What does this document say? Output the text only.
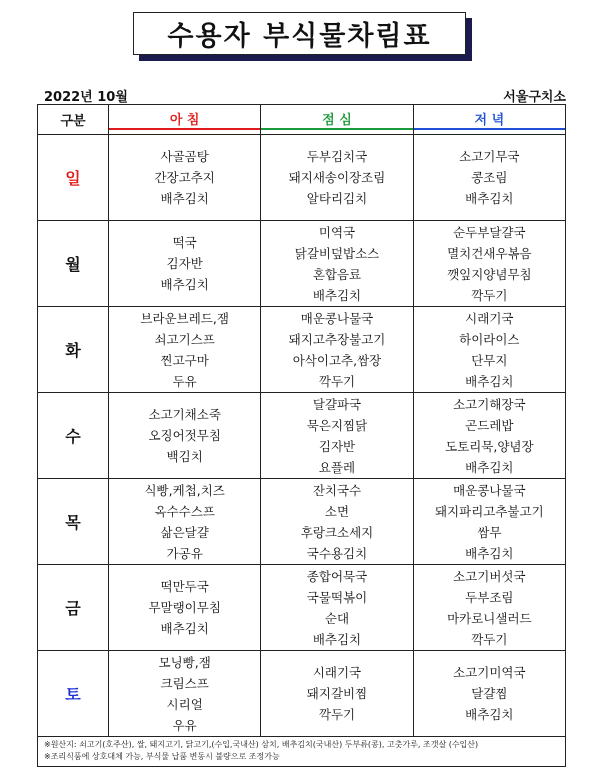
수용자 부식물차림표
2022년 10월	서울구치소
구분	아 침	점 심	저 녁
일	사골곰탕
간장고추지
배추김치	두부김치국
돼지새송이장조림
알타리김치	소고기무국
콩조림
배추김치

월	떡국
김자반
배추김치	미역국
닭갈비덮밥소스
혼합음료
배추김치	순두부달걀국
멸치건새우볶음
깻잎지양념무침
깍두기

화	브라운브레드,잼
쇠고기스프
찐고구마
두유	매운콩나물국
돼지고추장불고기
아삭이고추,쌈장
깍두기	시래기국
하이라이스
단무지
배추김치

수	소고기채소죽
오징어젓무침
백김치	달걀파국
묵은지찜닭
김자반
요플레	소고기해장국
곤드레밥
도토리묵,양념장
배추김치

목	식빵,케첩,치즈
옥수수스프
삶은달걀
가공유	잔치국수
소면
후랑크소세지
국수용김치	매운콩나물국
돼지파리고추불고기
쌈무
배추김치

금	떡만두국
무말랭이무침
배추김치	종합어묵국
국물떡볶이
순대
배추김치	소고기버섯국
두부조림
마카로니샐러드
깍두기

토	모닝빵,잼
크림스프
시리얼
우유	시래기국
돼지갈비찜
깍두기	소고기미역국
달걀찜
배추김치
※원산지: 쇠고기(호주산), 쌀, 돼지고기, 닭고기,(수입,국내산) 삼치, 배추김치(국내산) 두부류(콩), 고춧가루, 조갯살 (수입산)
※조리식품에 상호대체 가능, 부식물 납품 변동시 불량으로 조정가능
